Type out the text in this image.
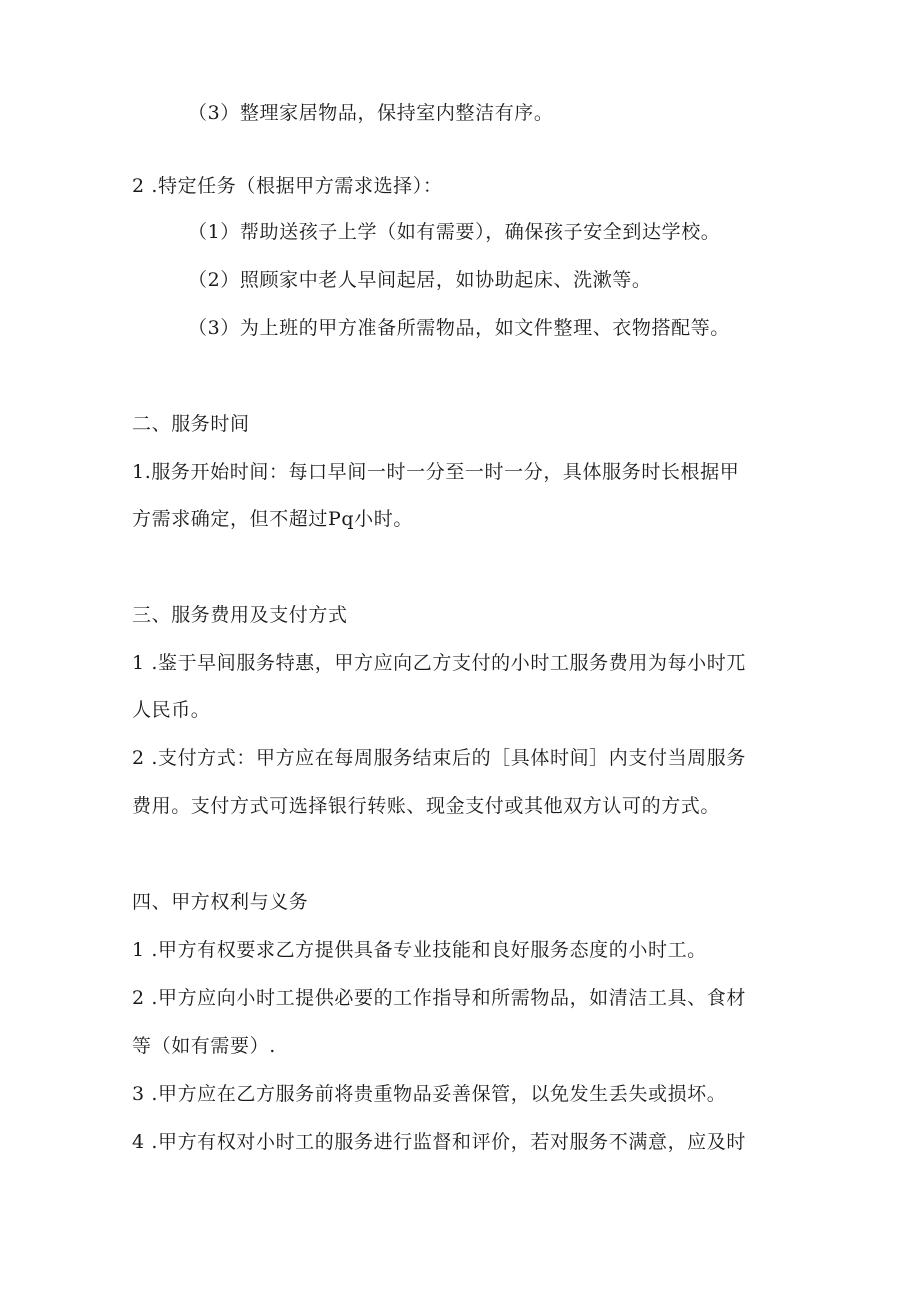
（3）整理家居物品，保持室内整洁有序。
2 .特定任务（根据甲方需求选择）：
（1）帮助送孩子上学（如有需要），确保孩子安全到达学校。
（2）照顾家中老人早间起居，如协助起床、洗漱等。
（3）为上班的甲方准备所需物品，如文件整理、衣物搭配等。
二、服务时间
1.服务开始时间：每口早间一时一分至一时一分，具体服务时长根据甲
方需求确定，但不超过Pq小时。
三、服务费用及支付方式
1 .鉴于早间服务特惠，甲方应向乙方支付的小时工服务费用为每小时兀
人民币。
2 .支付方式：甲方应在每周服务结束后的［具体时间］内支付当周服务
费用。支付方式可选择银行转账、现金支付或其他双方认可的方式。
四、甲方权利与义务
1 .甲方有权要求乙方提供具备专业技能和良好服务态度的小时工。
2 .甲方应向小时工提供必要的工作指导和所需物品，如清洁工具、食材
等（如有需要）.
3 .甲方应在乙方服务前将贵重物品妥善保管，以免发生丢失或损坏。
4 .甲方有权对小时工的服务进行监督和评价，若对服务不满意，应及时
